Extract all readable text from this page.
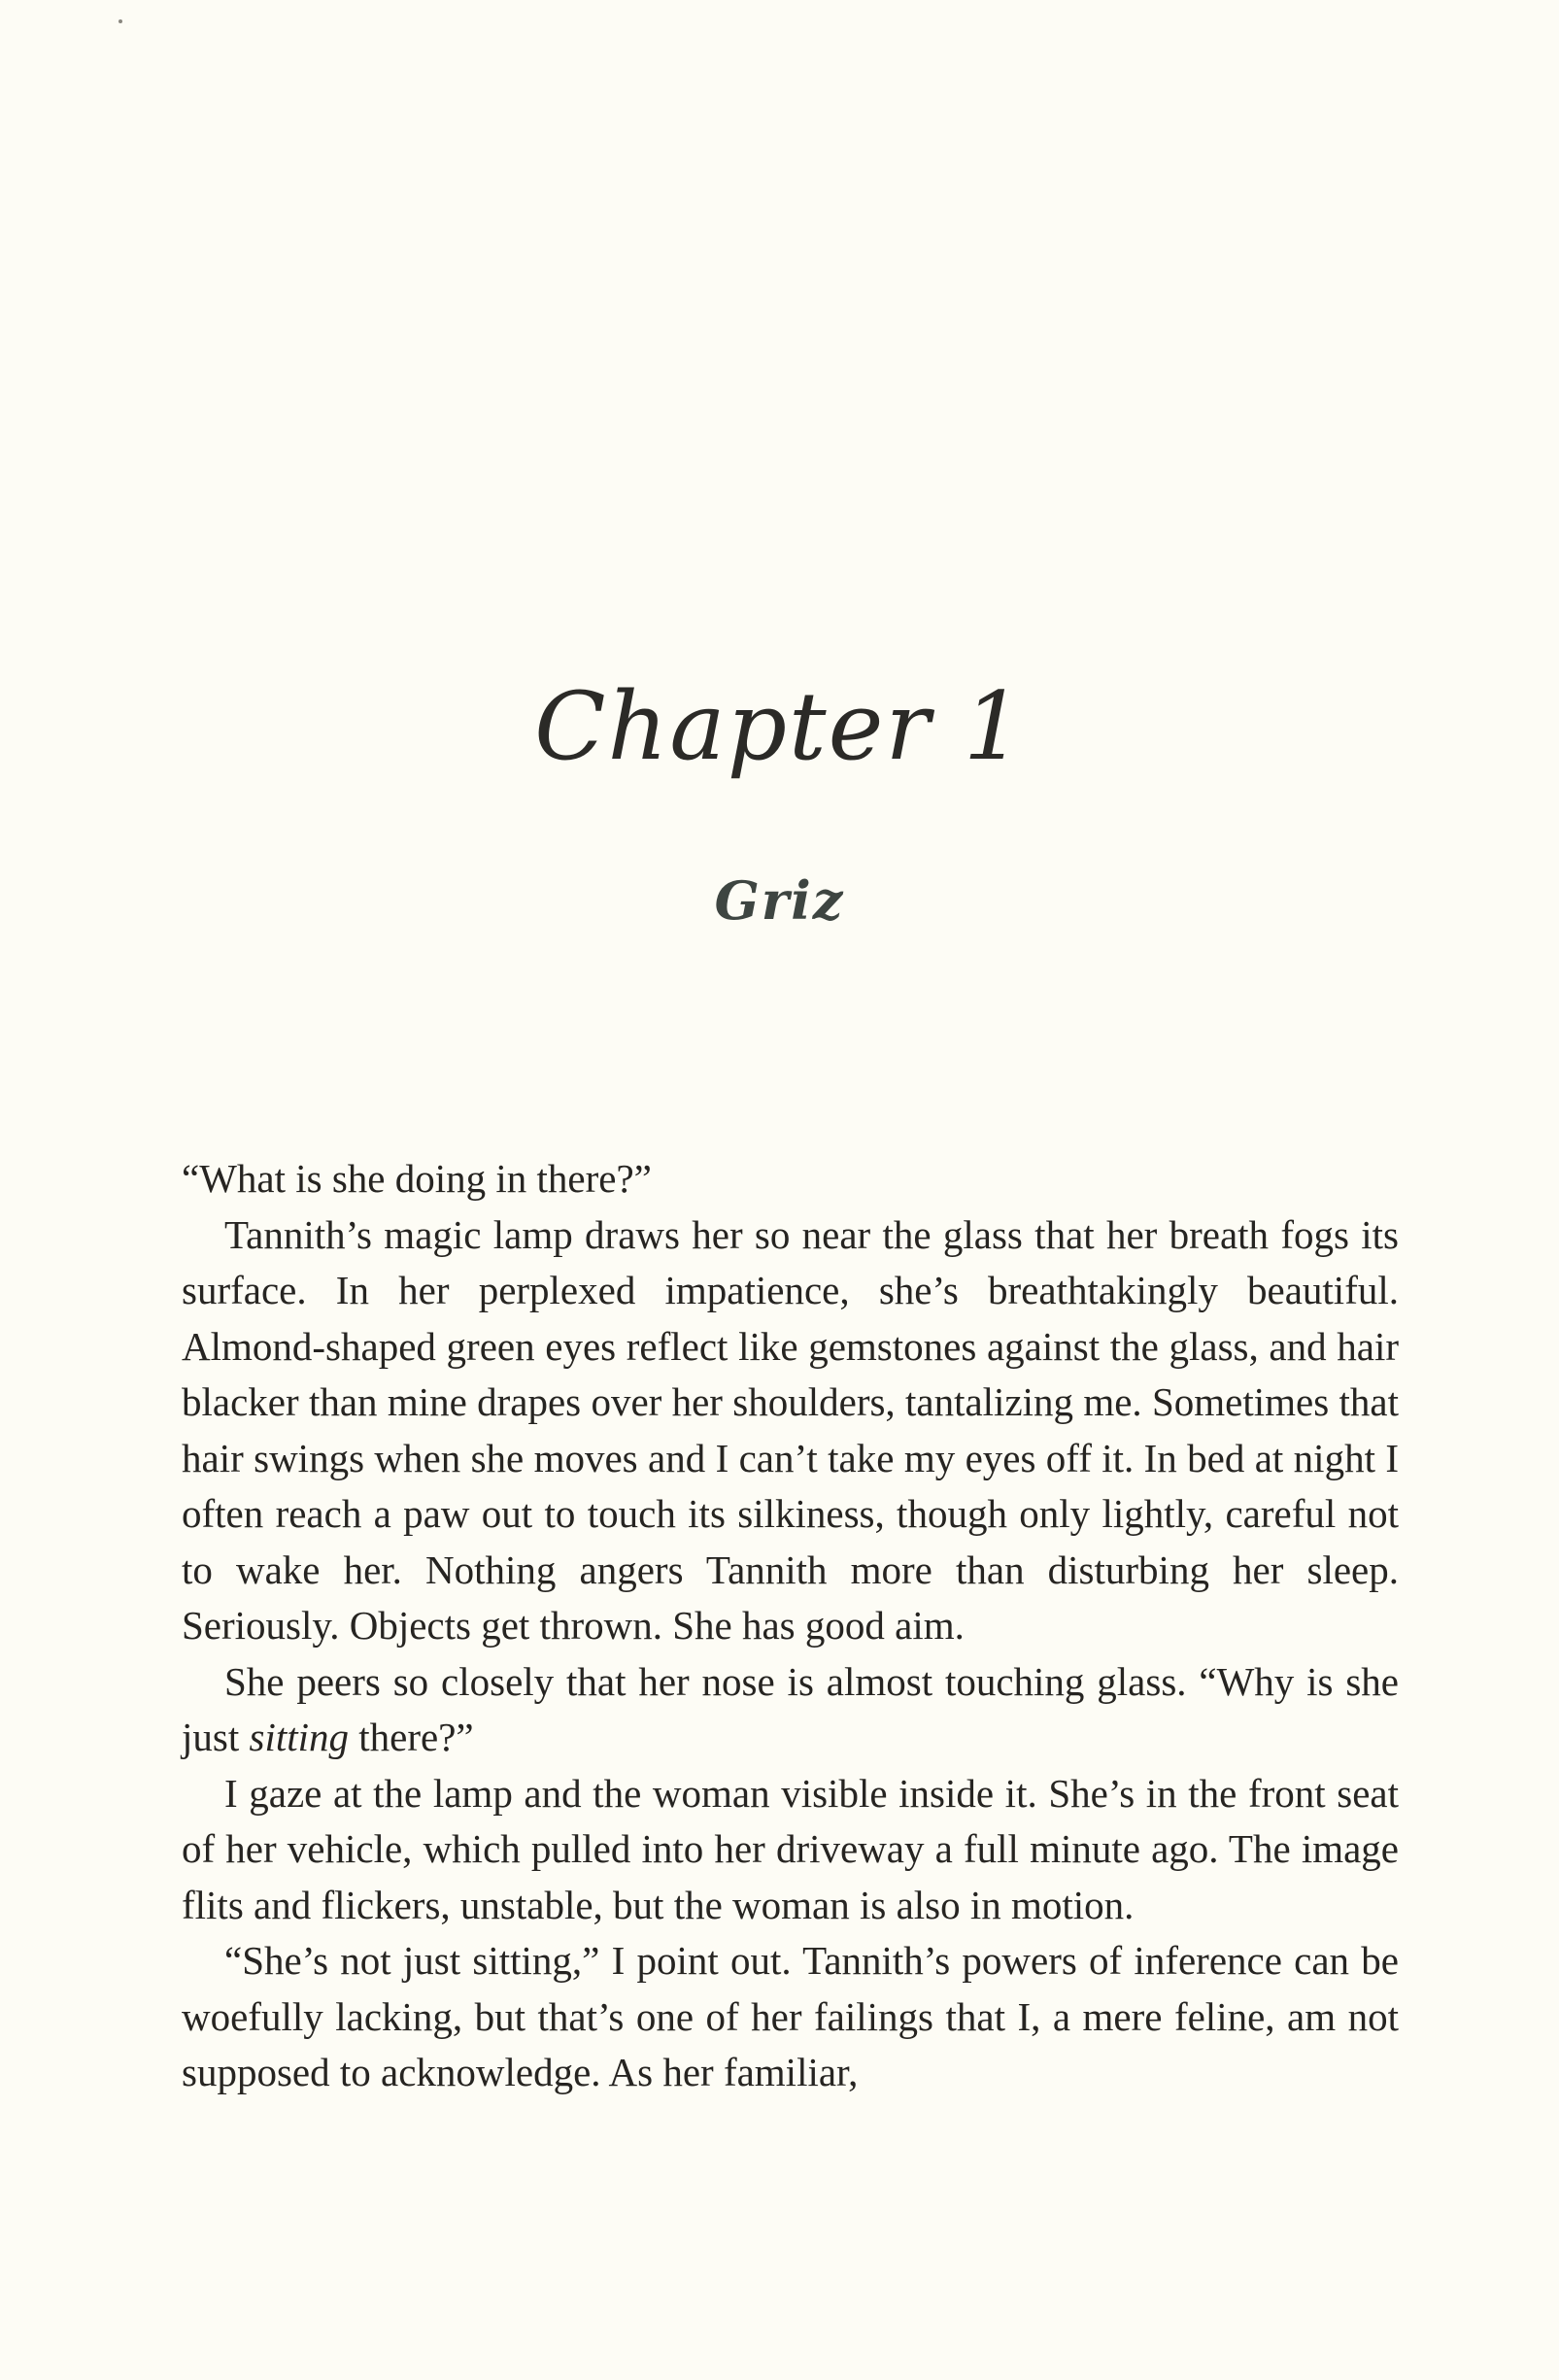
Chapter 1
Griz

“What is she doing in there?”

Tannith’s magic lamp draws her so near the glass that her breath fogs its surface. In her perplexed impatience, she’s breathtakingly beautiful. Almond-shaped green eyes reflect like gemstones against the glass, and hair blacker than mine drapes over her shoulders, tantalizing me. Sometimes that hair swings when she moves and I can’t take my eyes off it. In bed at night I often reach a paw out to touch its silkiness, though only lightly, careful not to wake her. Nothing angers Tannith more than disturbing her sleep. Seriously. Objects get thrown. She has good aim.

She peers so closely that her nose is almost touching glass. “Why is she just sitting there?”

I gaze at the lamp and the woman visible inside it. She’s in the front seat of her vehicle, which pulled into her driveway a full minute ago. The image flits and flickers, unstable, but the woman is also in motion.

“She’s not just sitting,” I point out. Tannith’s powers of inference can be woefully lacking, but that’s one of her failings that I, a mere feline, am not supposed to acknowledge. As her familiar,
